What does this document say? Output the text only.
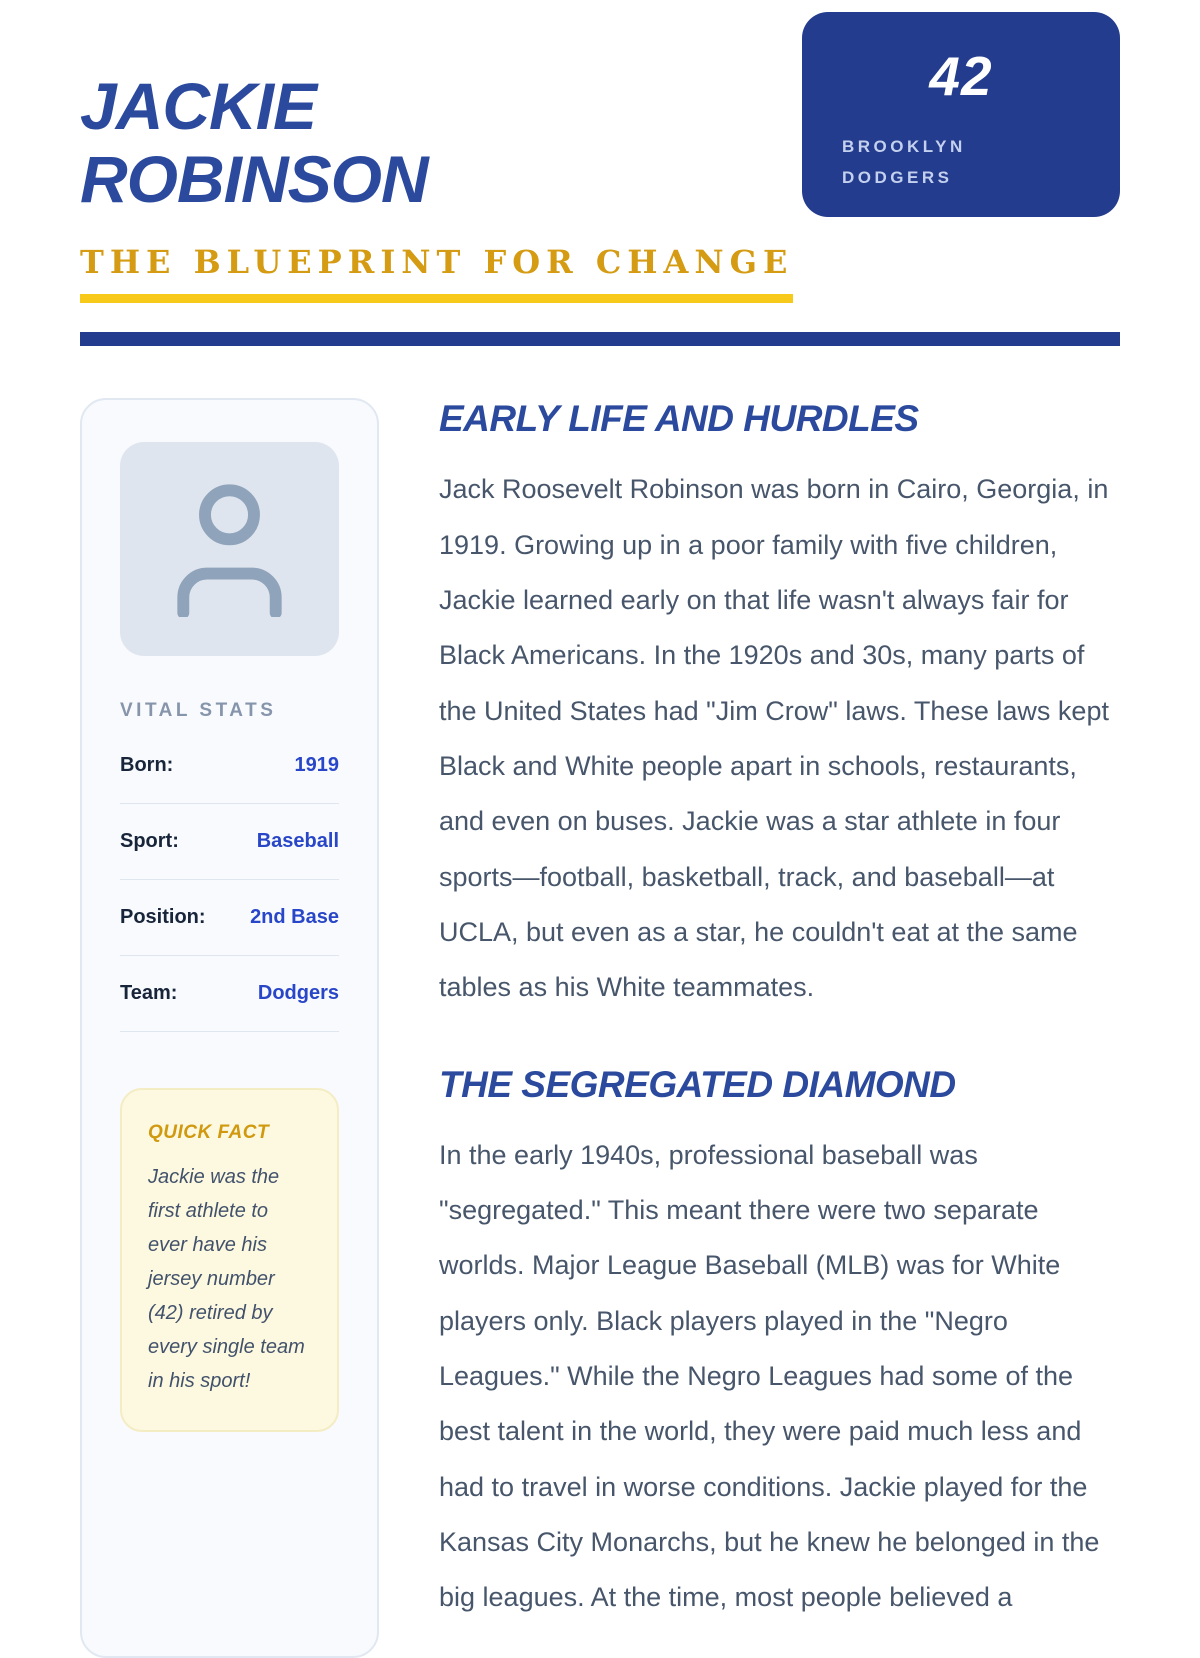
JACKIE
ROBINSON
THE BLUEPRINT FOR CHANGE
42
BROOKLYN
DODGERS
VITAL STATS
Born:	1919
Sport:	Baseball
Position: 2nd Base
Team:	Dodgers
QUICK FACT
Jackie was the first athlete to ever have his jersey number (42) retired by every single team in his sport!
EARLY LIFE AND HURDLES

Jack Roosevelt Robinson was born in Cairo, Georgia, in 1919. Growing up in a poor family with five children, Jackie learned early on that life wasn't always fair for Black Americans. In the 1920s and 30s, many parts of the United States had "Jim Crow" laws. These laws kept Black and White people apart in schools, restaurants, and even on buses. Jackie was a star athlete in four sports—football, basketball, track, and baseball—at UCLA, but even as a star, he couldn't eat at the same tables as his White teammates.

THE SEGREGATED DIAMOND

In the early 1940s, professional baseball was "segregated." This meant there were two separate worlds. Major League Baseball (MLB) was for White players only. Black players played in the "Negro Leagues." While the Negro Leagues had some of the best talent in the world, they were paid much less and had to travel in worse conditions. Jackie played for the Kansas City Monarchs, but he knew he belonged in the big leagues. At the time, most people believed a
